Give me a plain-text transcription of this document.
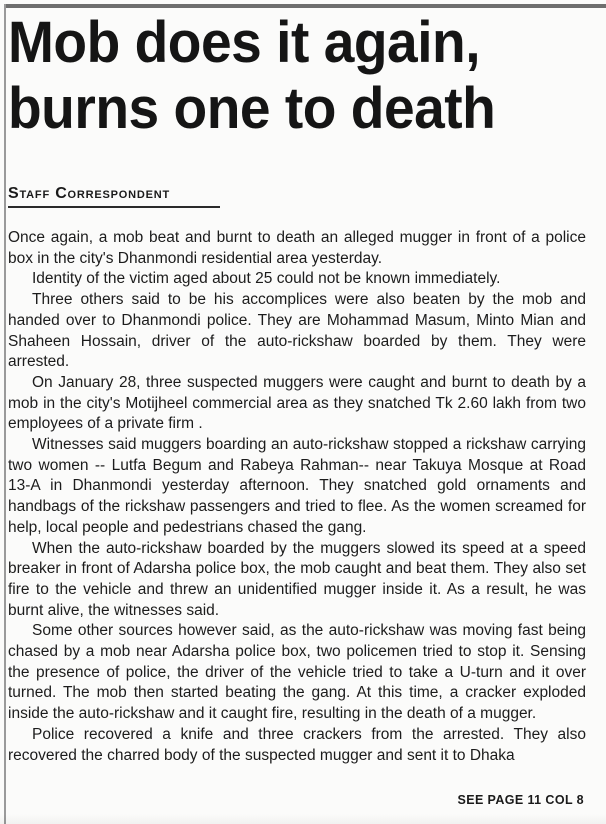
Mob does it again, burns one to death
Staff Correspondent

Once again, a mob beat and burnt to death an alleged mugger in front of a police box in the city's Dhanmondi residential area yesterday.

Identity of the victim aged about 25 could not be known immediately.

Three others said to be his accomplices were also beaten by the mob and handed over to Dhanmondi police. They are Mohammad Masum, Minto Mian and Shaheen Hossain, driver of the auto-rickshaw boarded by them. They were arrested.

On January 28, three suspected muggers were caught and burnt to death by a mob in the city's Motijheel commercial area as they snatched Tk 2.60 lakh from two employees of a private firm .

Witnesses said muggers boarding an auto-rickshaw stopped a rickshaw carrying two women -- Lutfa Begum and Rabeya Rahman-- near Takuya Mosque at Road 13-A in Dhanmondi yesterday afternoon. They snatched gold ornaments and handbags of the rickshaw passengers and tried to flee. As the women screamed for help, local people and pedestrians chased the gang.

When the auto-rickshaw boarded by the muggers slowed its speed at a speed breaker in front of Adarsha police box, the mob caught and beat them. They also set fire to the vehicle and threw an unidentified mugger inside it. As a result, he was burnt alive, the witnesses said.

Some other sources however said, as the auto-rickshaw was moving fast being chased by a mob near Adarsha police box, two policemen tried to stop it. Sensing the presence of police, the driver of the vehicle tried to take a U-turn and it over turned. The mob then started beating the gang. At this time, a cracker exploded inside the auto-rickshaw and it caught fire, resulting in the death of a mugger.

Police recovered a knife and three crackers from the arrested. They also recovered the charred body of the suspected mugger and sent it to Dhaka

SEE PAGE 11 COL 8
